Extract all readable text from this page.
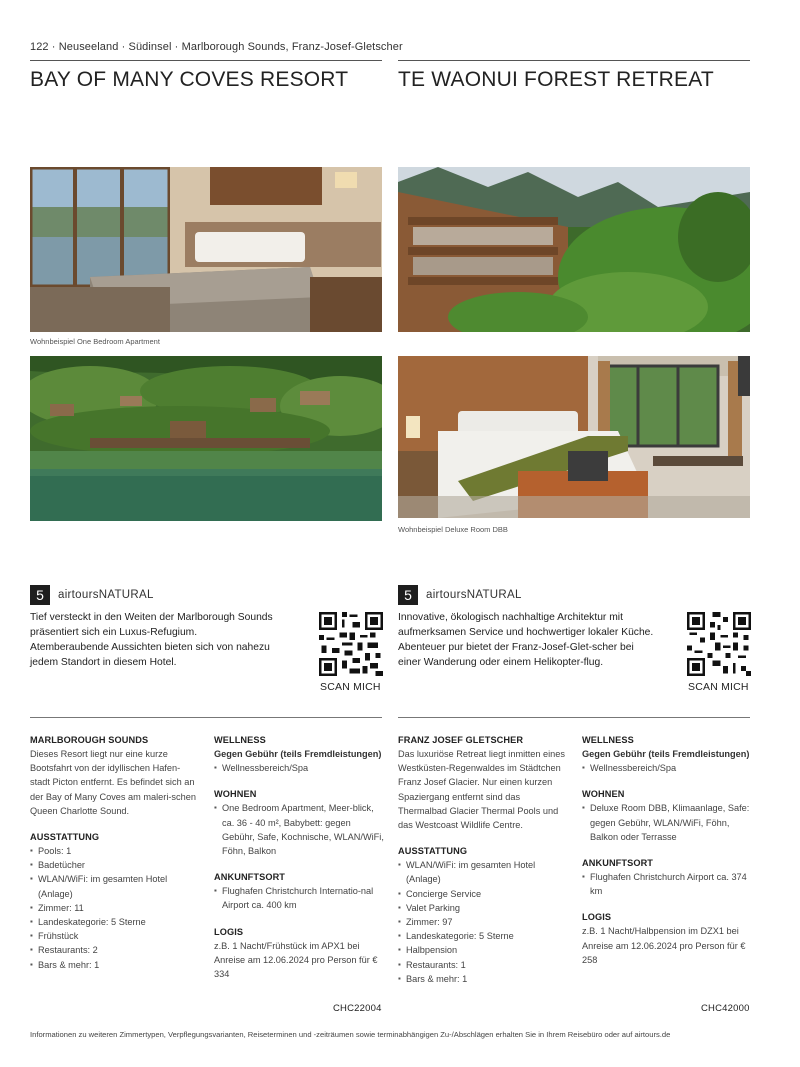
122 · Neuseeland · Südinsel · Marlborough Sounds, Franz-Josef-Gletscher
BAY OF MANY COVES RESORT	TE WAONUI FOREST RETREAT
Wohnbeispiel One Bedroom Apartment
Wohnbeispiel Deluxe Room DBB
5	airtoursNATURAL
Tief versteckt in den Weiten der Marlborough Sounds präsentiert sich ein Luxus-Refugium. Atemberaubende Aussichten bieten sich von nahezu jedem Standort in diesem Hotel.
SCAN MICH
5	airtoursNATURAL
Innovative, ökologisch nachhaltige Architektur mit aufmerksamen Service und hochwertiger lokaler Küche. Abenteuer pur bietet der Franz-Josef-Glet-scher bei einer Wanderung oder einem Helikopter-flug.
SCAN MICH
MARLBOROUGH SOUNDS

Dieses Resort liegt nur eine kurze Bootsfahrt von der idyllischen Hafen-stadt Picton entfernt. Es befindet sich an der Bay of Many Coves am maleri-schen Queen Charlotte Sound.

AUSSTATTUNG
▪ Pools: 1
▪ Badetücher
▪ WLAN/WiFi: im gesamten Hotel (Anlage)
▪ Zimmer: 11
▪ Landeskategorie: 5 Sterne
▪ Frühstück
▪ Restaurants: 2
▪ Bars & mehr: 1
WELLNESS

Gegen Gebühr (teils Fremdleistungen)

▪ Wellnessbereich/Spa
WOHNEN
▪ One Bedroom Apartment, Meer-blick, ca. 36 - 40 m², Babybett: gegen Gebühr, Safe, Kochnische, WLAN/WiFi, Föhn, Balkon
ANKUNFTSORT
▪ Flughafen Christchurch Internatio-nal Airport ca. 400 km
LOGIS

z.B. 1 Nacht/Frühstück im APX1 bei Anreise am 12.06.2024 pro Person für € 334

FRANZ JOSEF GLETSCHER

Das luxuriöse Retreat liegt inmitten eines Westküsten-Regenwaldes im Städtchen Franz Josef Glacier. Nur einen kurzen Spaziergang entfernt sind das Thermalbad Glacier Thermal Pools und das Westcoast Wildlife Centre.

AUSSTATTUNG
▪ WLAN/WiFi: im gesamten Hotel (Anlage)
▪ Concierge Service
▪ Valet Parking
▪ Zimmer: 97
▪ Landeskategorie: 5 Sterne
▪ Halbpension
▪ Restaurants: 1
▪ Bars & mehr: 1
WELLNESS

Gegen Gebühr (teils Fremdleistungen)

▪ Wellnessbereich/Spa
WOHNEN
▪ Deluxe Room DBB, Klimaanlage, Safe: gegen Gebühr, WLAN/WiFi, Föhn, Balkon oder Terrasse
ANKUNFTSORT
▪ Flughafen Christchurch Airport ca. 374 km
LOGIS

z.B. 1 Nacht/Halbpension im DZX1 bei Anreise am 12.06.2024 pro Person für € 258

CHC22004	CHC42000
Informationen zu weiteren Zimmertypen, Verpflegungsvarianten, Reiseterminen und -zeiträumen sowie terminabhängigen Zu-/Abschlägen erhalten Sie in Ihrem Reisebüro oder auf airtours.de
